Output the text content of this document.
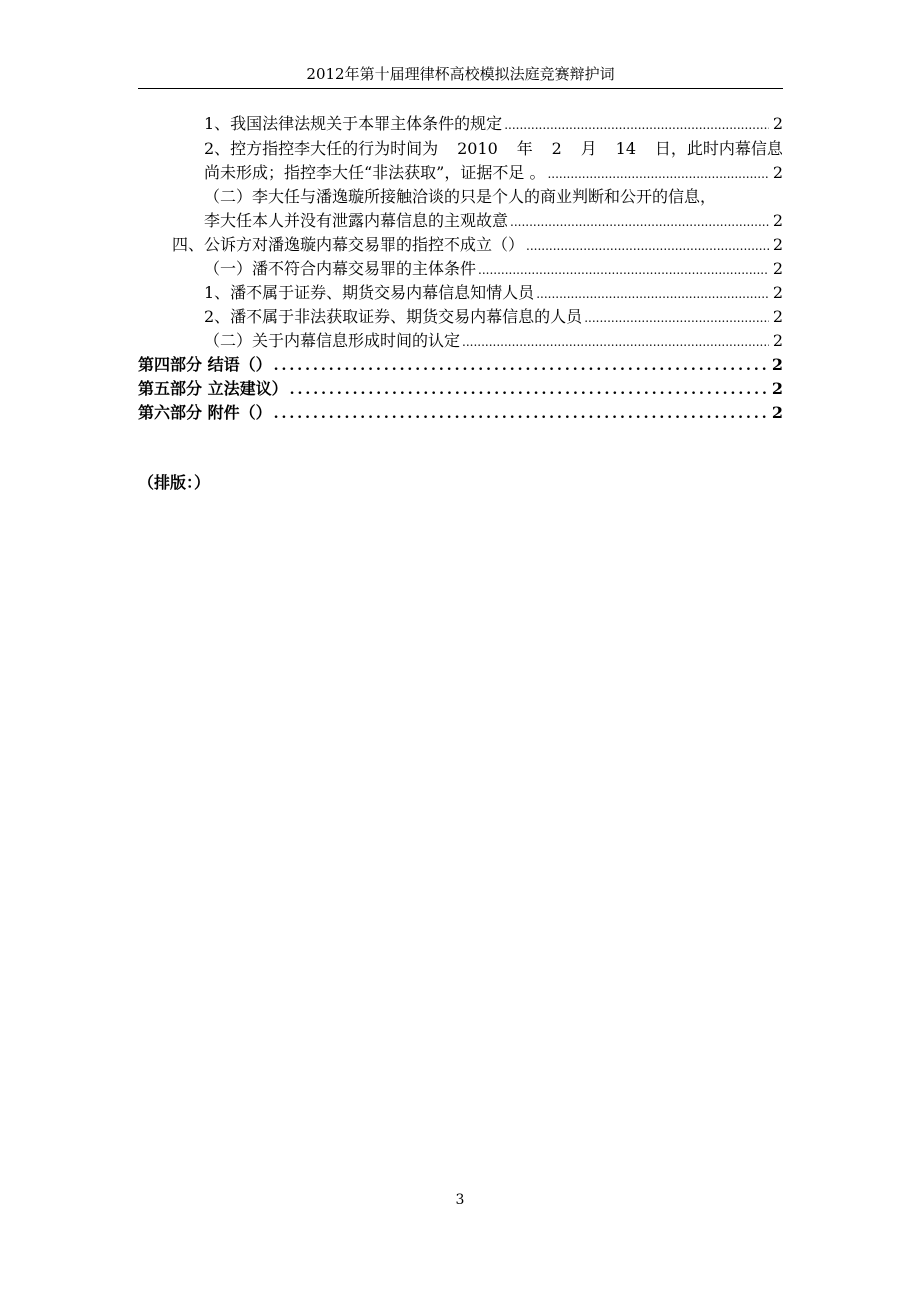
2012年第十届理律杯高校模拟法庭竞赛辩护词
1、我国法律法规关于本罪主体条件的规定 .....	2
2、控方指控李大任的行为时间为 2010 年 2 月 14 日，此时内幕信息
尚未形成；指控李大任“非法获取”，证据不足 。 .....	2
（二）李大任与潘逸璇所接触洽谈的只是个人的商业判断和公开的信息，
李大任本人并没有泄露内幕信息的主观故意 .....	2
四、公诉方对潘逸璇内幕交易罪的指控不成立（） .....	2
（一）潘不符合内幕交易罪的主体条件 .....	2
1、潘不属于证券、期货交易内幕信息知情人员 .....	2
2、潘不属于非法获取证券、期货交易内幕信息的人员 .....	2
（二）关于内幕信息形成时间的认定 .....	2
第四部分 结语（） .....	2
第五部分 立法建议） .....	2
第六部分 附件（） .....	2
（排版：）
3
